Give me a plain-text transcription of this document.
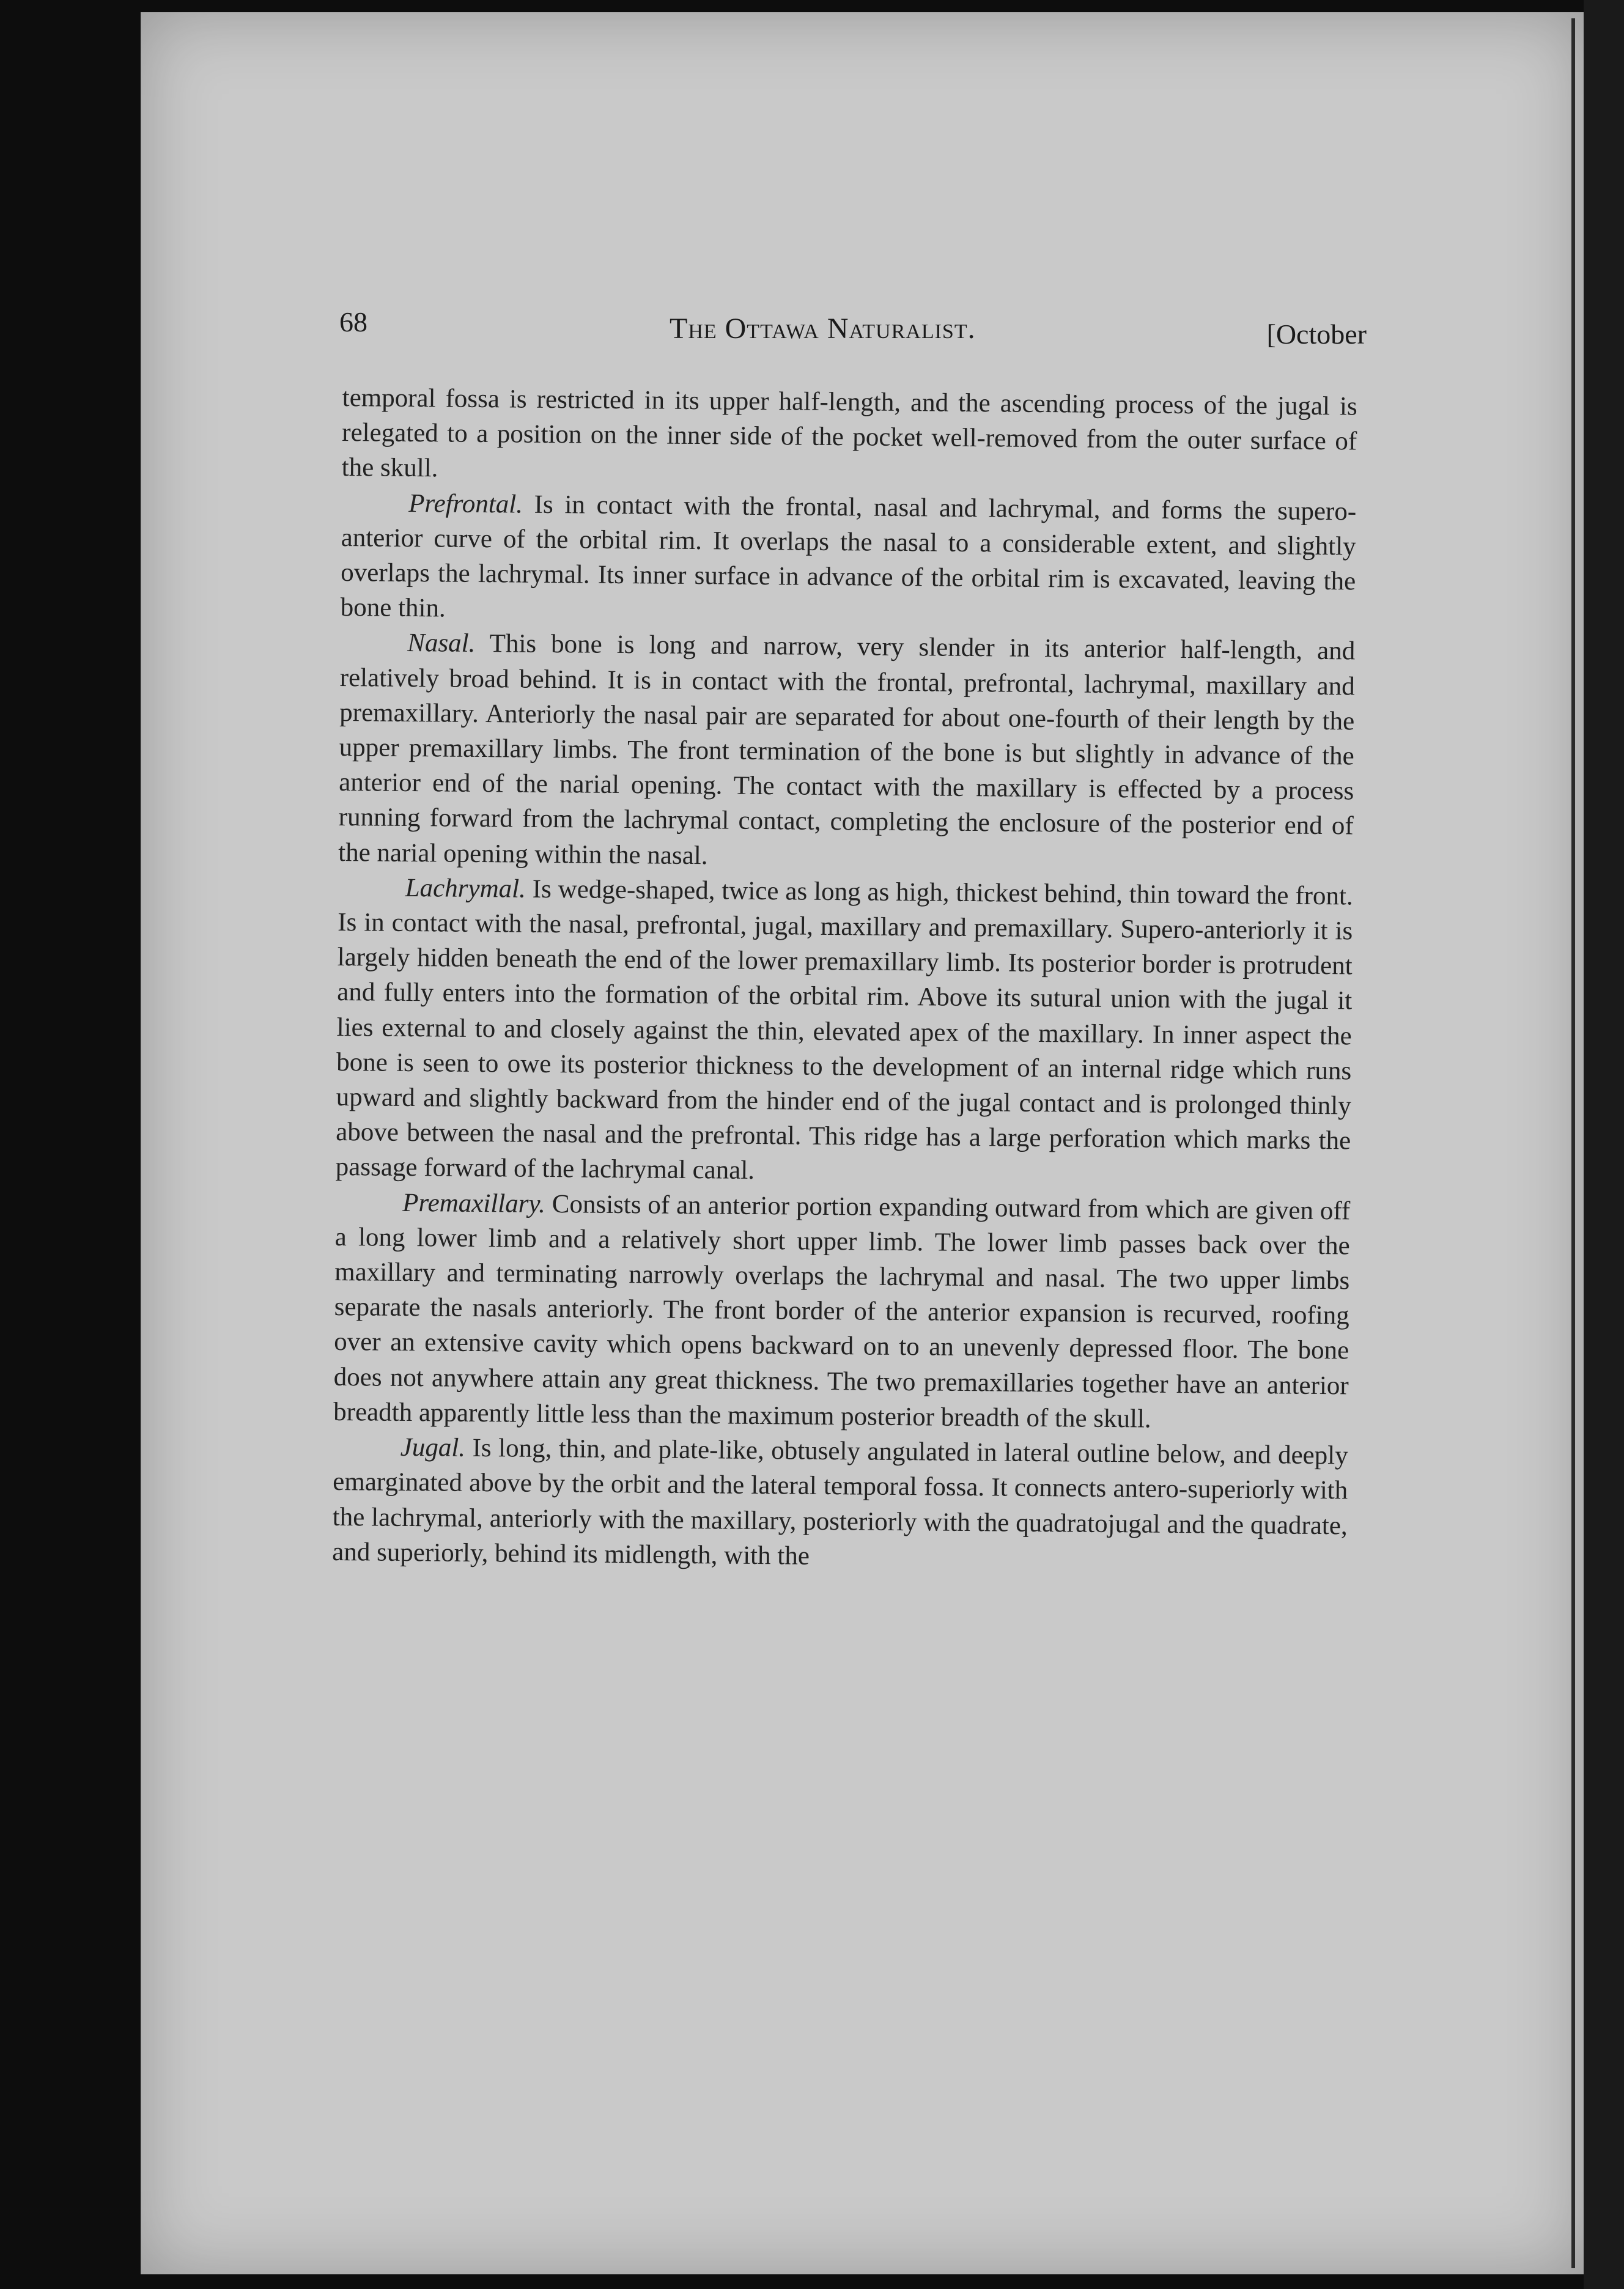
68	The Ottawa Naturalist.	[October

temporal fossa is restricted in its upper half-length, and the ascending process of the jugal is relegated to a position on the inner side of the pocket well-removed from the outer surface of the skull.

Prefrontal. Is in contact with the frontal, nasal and lachrymal, and forms the supero-anterior curve of the orbital rim. It overlaps the nasal to a considerable extent, and slightly overlaps the lachrymal. Its inner surface in advance of the orbital rim is excavated, leaving the bone thin.

Nasal. This bone is long and narrow, very slender in its anterior half-length, and relatively broad behind. It is in contact with the frontal, prefrontal, lachrymal, maxillary and premaxillary. Anteriorly the nasal pair are separated for about one-fourth of their length by the upper premaxillary limbs. The front termination of the bone is but slightly in advance of the anterior end of the narial opening. The contact with the maxillary is effected by a process running forward from the lachrymal contact, completing the enclosure of the posterior end of the narial opening within the nasal.

Lachrymal. Is wedge-shaped, twice as long as high, thickest behind, thin toward the front. Is in contact with the nasal, prefrontal, jugal, maxillary and premaxillary. Supero-anteriorly it is largely hidden beneath the end of the lower premaxillary limb. Its posterior border is protrudent and fully enters into the formation of the orbital rim. Above its sutural union with the jugal it lies external to and closely against the thin, elevated apex of the maxillary. In inner aspect the bone is seen to owe its posterior thickness to the development of an internal ridge which runs upward and slightly backward from the hinder end of the jugal contact and is prolonged thinly above between the nasal and the prefrontal. This ridge has a large perforation which marks the passage forward of the lachrymal canal.

Premaxillary. Consists of an anterior portion expanding outward from which are given off a long lower limb and a relatively short upper limb. The lower limb passes back over the maxillary and terminating narrowly overlaps the lachrymal and nasal. The two upper limbs separate the nasals anteriorly. The front border of the anterior expansion is recurved, roofing over an extensive cavity which opens backward on to an unevenly depressed floor. The bone does not anywhere attain any great thickness. The two premaxillaries together have an anterior breadth apparently little less than the maximum posterior breadth of the skull.

Jugal. Is long, thin, and plate-like, obtusely angulated in lateral outline below, and deeply emarginated above by the orbit and the lateral temporal fossa. It connects antero-superiorly with the lachrymal, anteriorly with the maxillary, posteriorly with the quadratojugal and the quadrate, and superiorly, behind its midlength, with the
